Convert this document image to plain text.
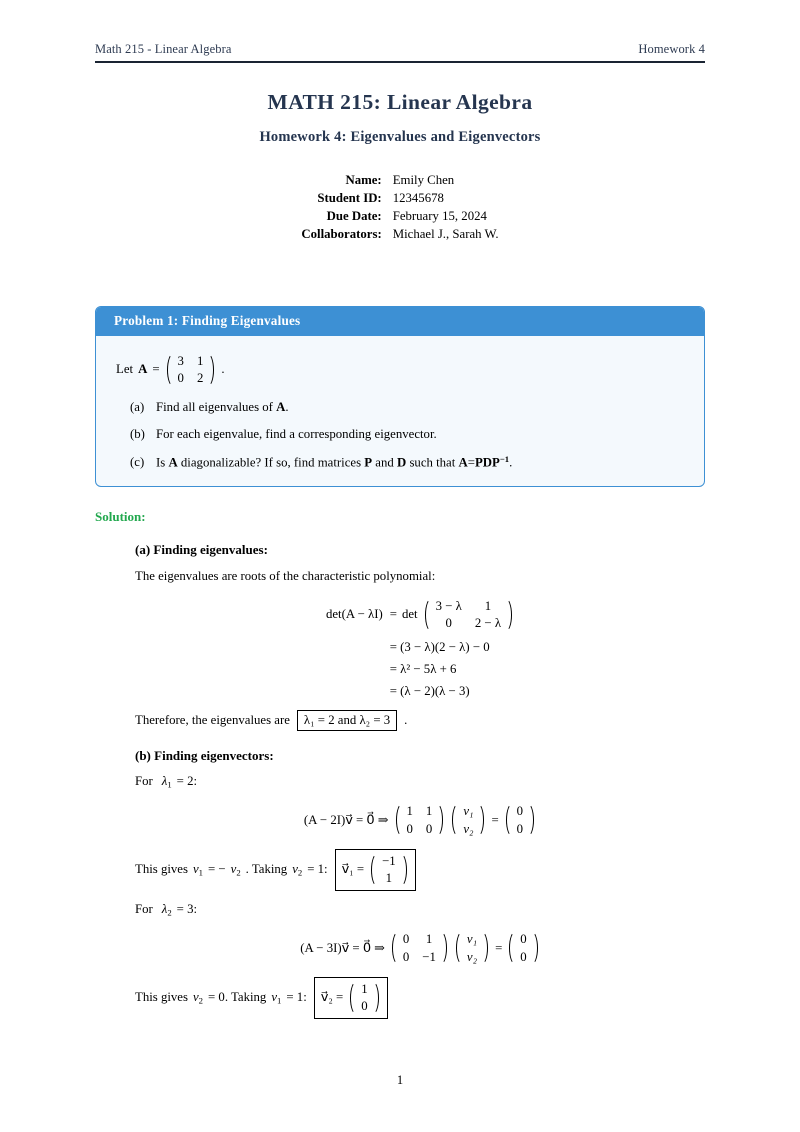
Math 215 - Linear Algebra	Homework 4
MATH 215: Linear Algebra
Homework 4: Eigenvalues and Eigenvectors
Name:	Emily Chen
Student ID:	12345678
Due Date:	February 15, 2024
Collaborators:	Michael J., Sarah W.
Problem 1: Finding Eigenvalues
Let A =
3 1
0 2
.
(a) Find all eigenvalues of A.
(b) For each eigenvalue, find a corresponding eigenvector.
(c) Is A diagonalizable? If so, find matrices P and D such that $A=PDP^{-1}$.
Solution:
(a) Finding eigenvalues:
The eigenvalues are roots of the characteristic polynomial:
det(A − λI) = det
3 − λ 1
0 2 − λ
= (3 − λ)(2 − λ) − 0
= λ² − 5λ + 6
= (λ − 2)(λ − 3)
Therefore, the eigenvalues are	λ₁ = 2 and λ₂ = 3	.
(b) Finding eigenvectors:
For $\lambda_1 = 2$:
(A − 2I)v⃗ = 0⃗ ⇒
1 1
0 0
v₁
v₂
=
0
0
This gives $v_1$ = − $v_2$ . Taking $v_2 = 1$: v⃗₁ =
−1
1
For $\lambda_2 = 3$:
(A − 3I)v⃗ = 0⃗ ⇒
0 1
0 −1
v₁
v₂
=
0
0
This gives $v_2 = 0$. Taking $v_1 = 1$: v⃗₂ =
1
0
1
